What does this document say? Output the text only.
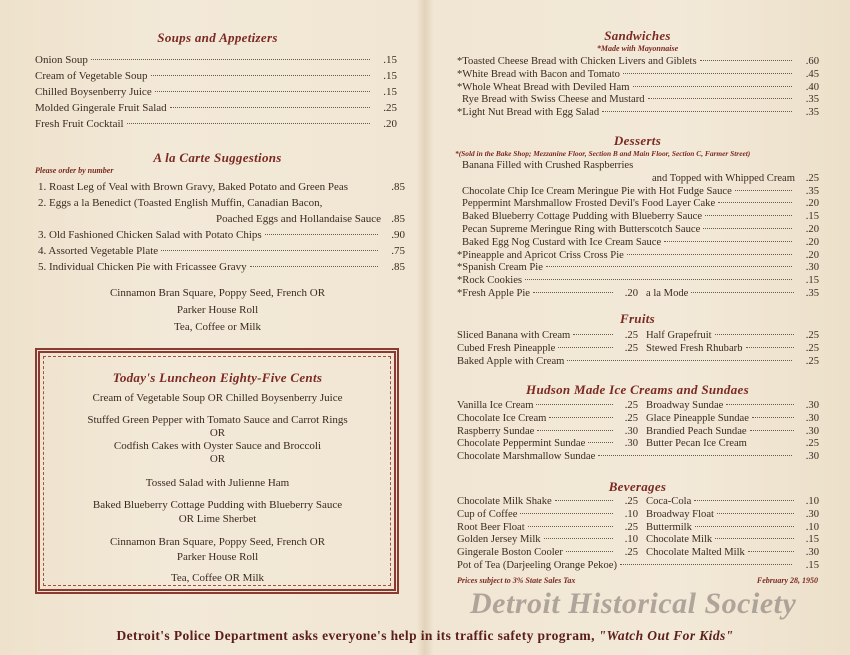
Soups and Appetizers
Onion Soup	.15
Cream of Vegetable Soup	.15
Chilled Boysenberry Juice	.15
Molded Gingerale Fruit Salad	.25
Fresh Fruit Cocktail	.20
A la Carte Suggestions
Please order by number
1. Roast Leg of Veal with Brown Gravy, Baked Potato and Green Peas	.85
2. Eggs a la Benedict (Toasted English Muffin, Canadian Bacon,
Poached Eggs and Hollandaise Sauce .85
3. Old Fashioned Chicken Salad with Potato Chips	.90
4. Assorted Vegetable Plate	.75
5. Individual Chicken Pie with Fricassee Gravy	.85
Cinnamon Bran Square, Poppy Seed, French OR
Parker House Roll
Tea, Coffee or Milk
Today's Luncheon Eighty-Five Cents
Cream of Vegetable Soup OR Chilled Boysenberry Juice
Stuffed Green Pepper with Tomato Sauce and Carrot Rings
OR
Codfish Cakes with Oyster Sauce and Broccoli
OR
Tossed Salad with Julienne Ham
Baked Blueberry Cottage Pudding with Blueberry Sauce
OR Lime Sherbet
Cinnamon Bran Square, Poppy Seed, French OR
Parker House Roll
Tea, Coffee OR Milk
Sandwiches
*Made with Mayonnaise
*Toasted Cheese Bread with Chicken Livers and Giblets	.60
*White Bread with Bacon and Tomato	.45
*Whole Wheat Bread with Deviled Ham	.40
Rye Bread with Swiss Cheese and Mustard	.35
*Light Nut Bread with Egg Salad	.35
Desserts
*(Sold in the Bake Shop; Mezzanine Floor, Section B and Main Floor, Section C, Farmer Street)
Banana Filled with Crushed Raspberries
and Topped with Whipped Cream	.25
Chocolate Chip Ice Cream Meringue Pie with Hot Fudge Sauce	.35
Peppermint Marshmallow Frosted Devil's Food Layer Cake	.20
Baked Blueberry Cottage Pudding with Blueberry Sauce	.15
Pecan Supreme Meringue Ring with Butterscotch Sauce	.20
Baked Egg Nog Custard with Ice Cream Sauce	.20
*Pineapple and Apricot Criss Cross Pie	.20
*Spanish Cream Pie	.30
*Rock Cookies	.15
*Fresh Apple Pie	.20 a la Mode	.35
Fruits
Sliced Banana with Cream	.25 Half Grapefruit	.25
Cubed Fresh Pineapple	.25 Stewed Fresh Rhubarb	.25
Baked Apple with Cream	.25
Hudson Made Ice Creams and Sundaes
Vanilla Ice Cream	.25 Broadway Sundae	.30
Chocolate Ice Cream	.25 Glace Pineapple Sundae	.30
Raspberry Sundae	.30 Brandied Peach Sundae	.30
Chocolate Peppermint Sundae	.30 Butter Pecan Ice Cream	.25
Chocolate Marshmallow Sundae	.30
Beverages
Chocolate Milk Shake	.25 Coca-Cola	.10
Cup of Coffee	.10 Broadway Float	.30
Root Beer Float	.25 Buttermilk	.10
Golden Jersey Milk	.10 Chocolate Milk	.15
Gingerale Boston Cooler	.25 Chocolate Malted Milk	.30
Pot of Tea (Darjeeling Orange Pekoe)	.15
Prices subject to 3% State Sales Tax	February 28, 1950
Detroit Historical Society
Detroit's Police Department asks everyone's help in its traffic safety program, "Watch Out For Kids"
